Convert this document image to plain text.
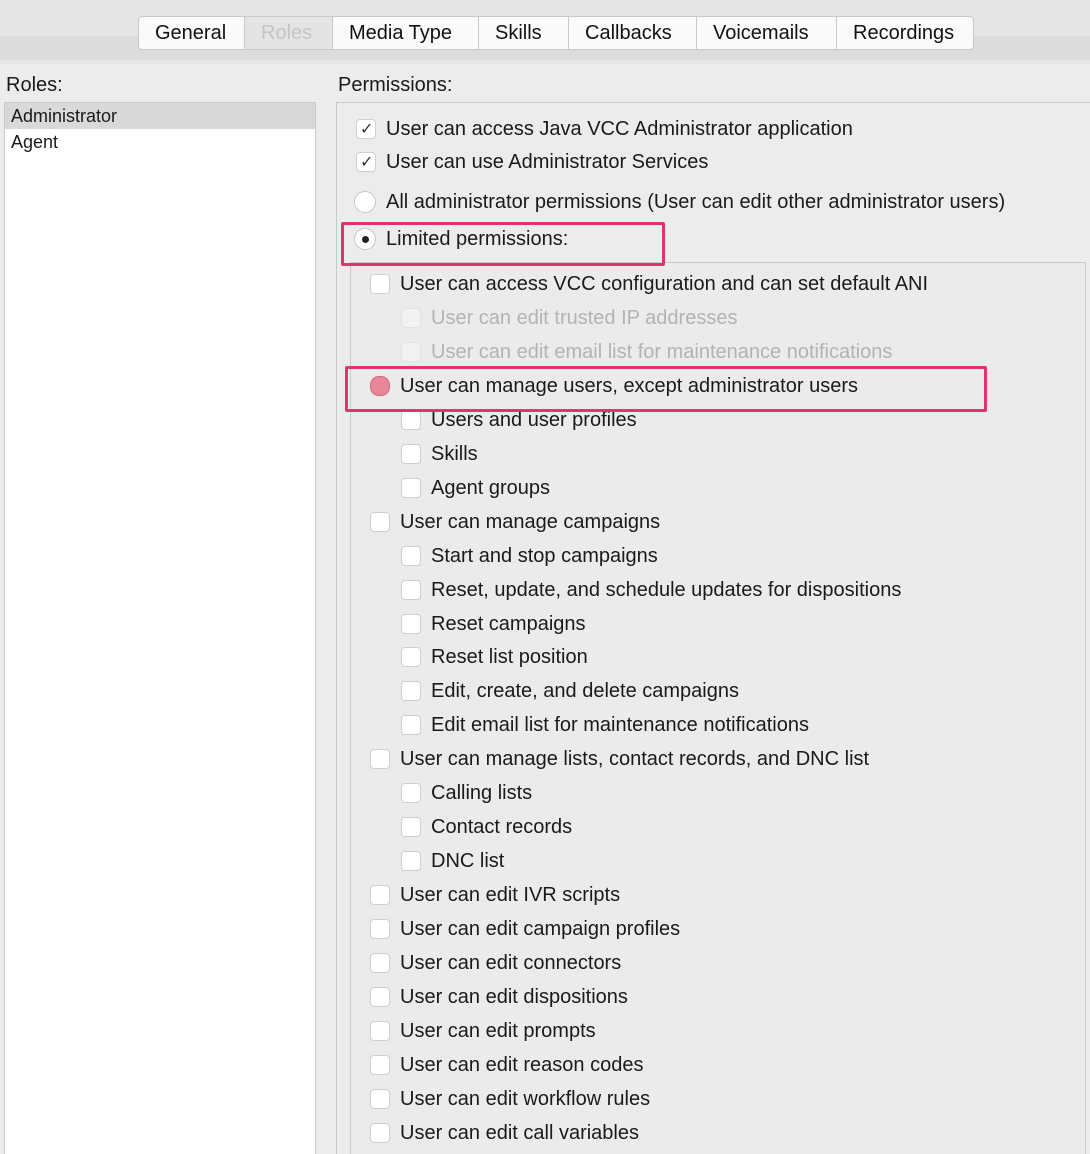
General	Roles	Media Type	Skills	Callbacks	Voicemails	Recordings
Roles:
Administrator
Agent
Permissions:
✓
User can access Java VCC Administrator application
✓
User can use Administrator Services
All administrator permissions (User can edit other administrator users)
Limited permissions:
User can access VCC configuration and can set default ANI
User can edit trusted IP addresses
User can edit email list for maintenance notifications
User can manage users, except administrator users
Users and user profiles
Skills
Agent groups
User can manage campaigns
Start and stop campaigns
Reset, update, and schedule updates for dispositions
Reset campaigns
Reset list position
Edit, create, and delete campaigns
Edit email list for maintenance notifications
User can manage lists, contact records, and DNC list
Calling lists
Contact records
DNC list
User can edit IVR scripts
User can edit campaign profiles
User can edit connectors
User can edit dispositions
User can edit prompts
User can edit reason codes
User can edit workflow rules
User can edit call variables
